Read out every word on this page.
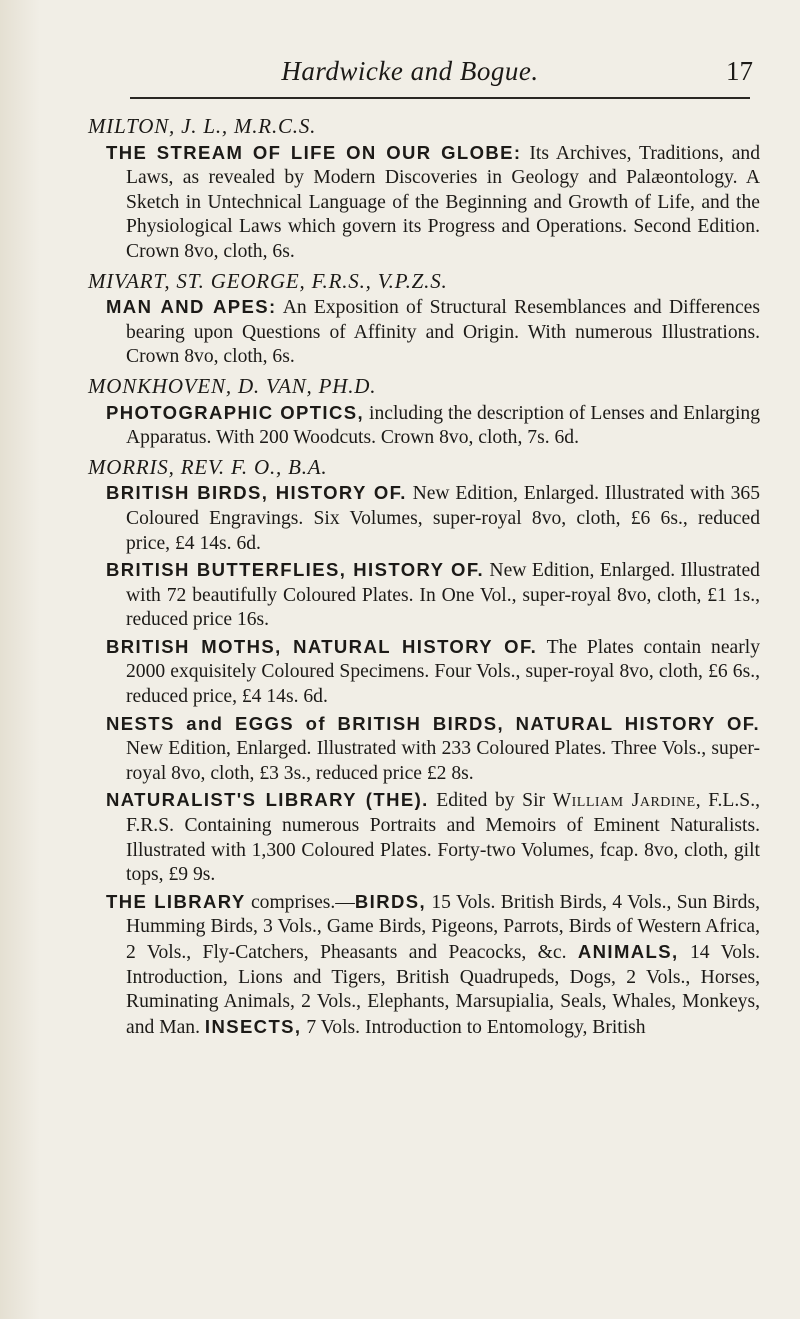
Hardwicke and Bogue.	17
MILTON, J. L., M.R.C.S.

THE STREAM OF LIFE ON OUR GLOBE: Its Archives, Traditions, and Laws, as revealed by Modern Discoveries in Geology and Palæontology. A Sketch in Untechnical Language of the Beginning and Growth of Life, and the Physiological Laws which govern its Progress and Operations. Second Edition. Crown 8vo, cloth, 6s.

MIVART, ST. GEORGE, F.R.S., V.P.Z.S.

MAN AND APES: An Exposition of Structural Resemblances and Differences bearing upon Questions of Affinity and Origin. With numerous Illustrations. Crown 8vo, cloth, 6s.

MONKHOVEN, D. VAN, PH.D.

PHOTOGRAPHIC OPTICS, including the description of Lenses and Enlarging Apparatus. With 200 Woodcuts. Crown 8vo, cloth, 7s. 6d.

MORRIS, REV. F. O., B.A.

BRITISH BIRDS, HISTORY OF. New Edition, Enlarged. Illustrated with 365 Coloured Engravings. Six Volumes, super-royal 8vo, cloth, £6 6s., reduced price, £4 14s. 6d.

BRITISH BUTTERFLIES, HISTORY OF. New Edition, Enlarged. Illustrated with 72 beautifully Coloured Plates. In One Vol., super-royal 8vo, cloth, £1 1s., reduced price 16s.

BRITISH MOTHS, NATURAL HISTORY OF. The Plates contain nearly 2000 exquisitely Coloured Specimens. Four Vols., super-royal 8vo, cloth, £6 6s., reduced price, £4 14s. 6d.

NESTS and EGGS of BRITISH BIRDS, NATURAL HISTORY OF. New Edition, Enlarged. Illustrated with 233 Coloured Plates. Three Vols., super-royal 8vo, cloth, £3 3s., reduced price £2 8s.

NATURALIST'S LIBRARY (THE). Edited by Sir William Jardine, F.L.S., F.R.S. Containing numerous Portraits and Memoirs of Eminent Naturalists. Illustrated with 1,300 Coloured Plates. Forty-two Volumes, fcap. 8vo, cloth, gilt tops, £9 9s.

THE LIBRARY comprises.—BIRDS, 15 Vols. British Birds, 4 Vols., Sun Birds, Humming Birds, 3 Vols., Game Birds, Pigeons, Parrots, Birds of Western Africa, 2 Vols., Fly-Catchers, Pheasants and Peacocks, &c. ANIMALS, 14 Vols. Introduction, Lions and Tigers, British Quadrupeds, Dogs, 2 Vols., Horses, Ruminating Animals, 2 Vols., Elephants, Marsupialia, Seals, Whales, Monkeys, and Man. INSECTS, 7 Vols. Introduction to Entomology, British
